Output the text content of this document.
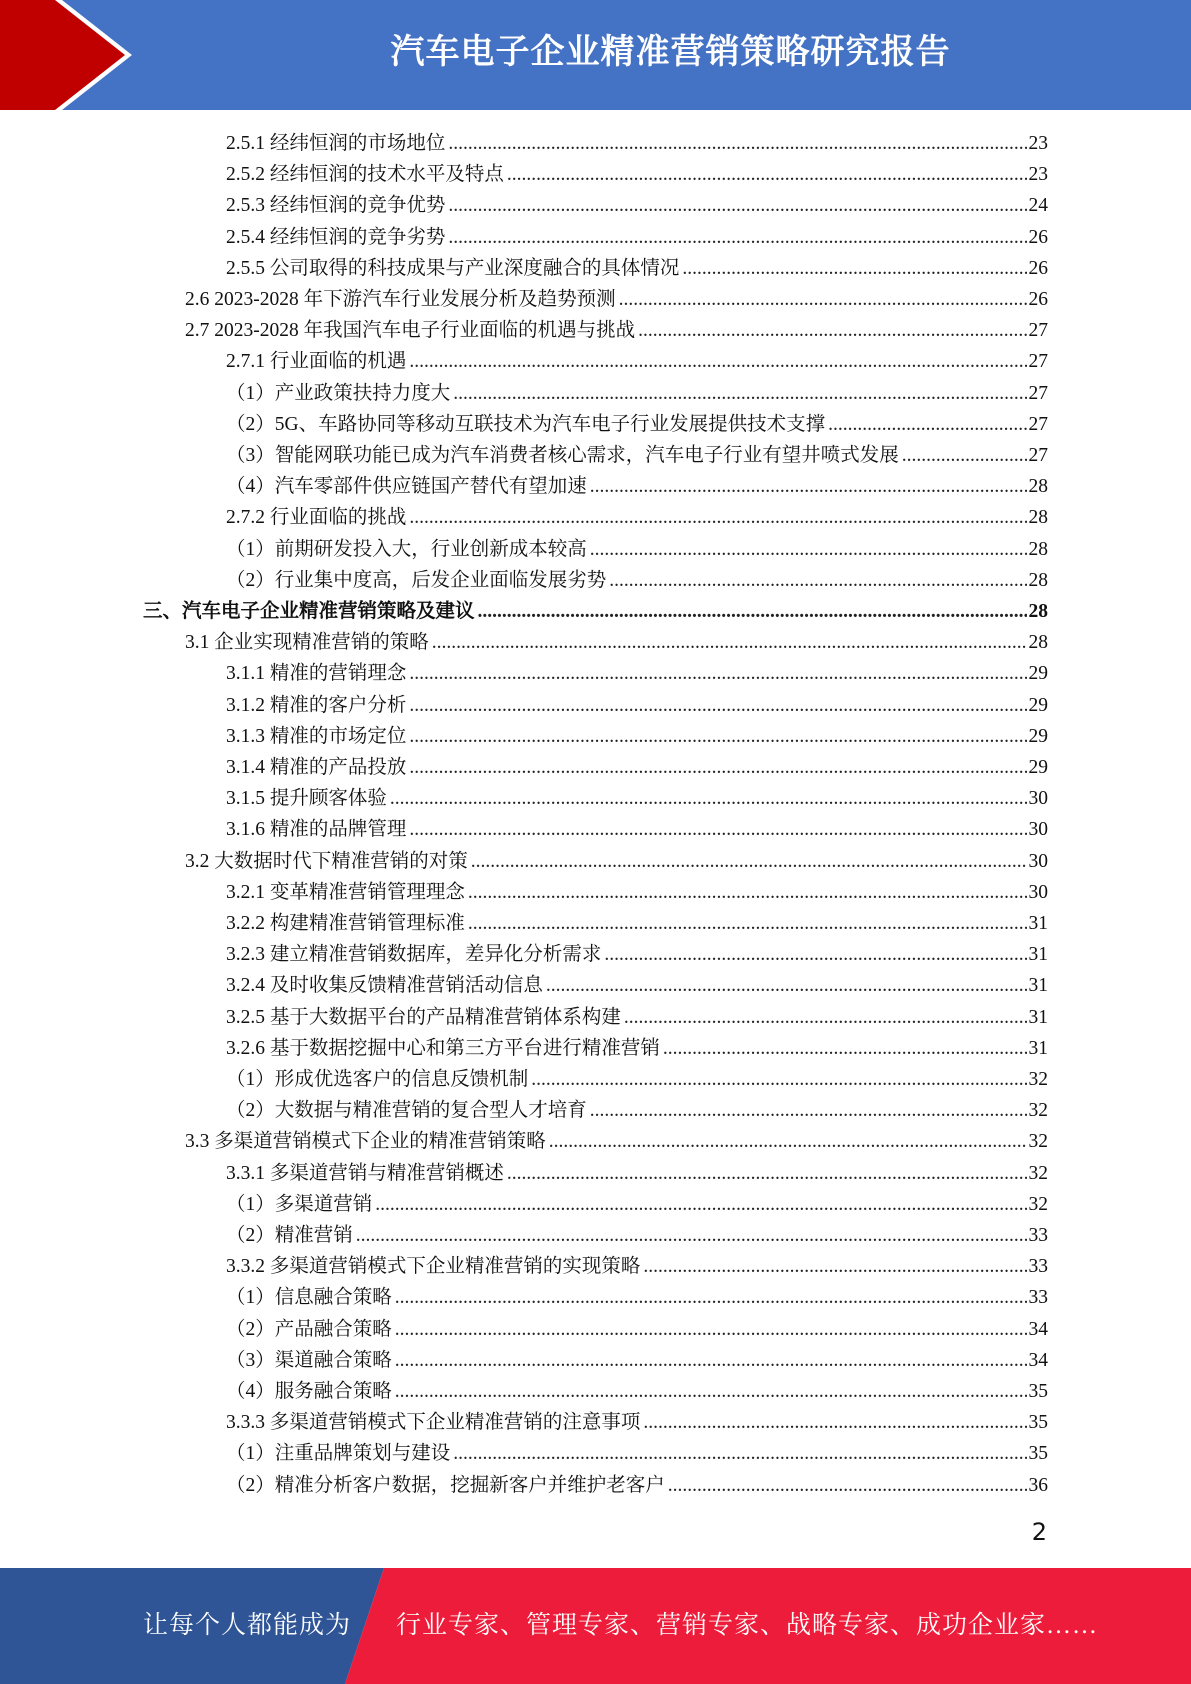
汽车电子企业精准营销策略研究报告
2.5.1 经纬恒润的市场地位 .....	23
2.5.2 经纬恒润的技术水平及特点 .....	23
2.5.3 经纬恒润的竞争优势 .....	24
2.5.4 经纬恒润的竞争劣势 .....	26
2.5.5 公司取得的科技成果与产业深度融合的具体情况 .....	26
2.6 2023-2028 年下游汽车行业发展分析及趋势预测 .....	26
2.7 2023-2028 年我国汽车电子行业面临的机遇与挑战 .....	27
2.7.1 行业面临的机遇 .....	27
（1）产业政策扶持力度大 .....	27
（2）5G、车路协同等移动互联技术为汽车电子行业发展提供技术支撑 .....	27
（3）智能网联功能已成为汽车消费者核心需求，汽车电子行业有望井喷式发展 .....	27
（4）汽车零部件供应链国产替代有望加速 .....	28
2.7.2 行业面临的挑战 .....	28
（1）前期研发投入大，行业创新成本较高 .....	28
（2）行业集中度高，后发企业面临发展劣势 .....	28
三、汽车电子企业精准营销策略及建议 .....	28
3.1 企业实现精准营销的策略 .....	28
3.1.1 精准的营销理念 .....	29
3.1.2 精准的客户分析 .....	29
3.1.3 精准的市场定位 .....	29
3.1.4 精准的产品投放 .....	29
3.1.5 提升顾客体验 .....	30
3.1.6 精准的品牌管理 .....	30
3.2 大数据时代下精准营销的对策 .....	30
3.2.1 变革精准营销管理理念 .....	30
3.2.2 构建精准营销管理标准 .....	31
3.2.3 建立精准营销数据库，差异化分析需求 .....	31
3.2.4 及时收集反馈精准营销活动信息 .....	31
3.2.5 基于大数据平台的产品精准营销体系构建 .....	31
3.2.6 基于数据挖掘中心和第三方平台进行精准营销 .....	31
（1）形成优选客户的信息反馈机制 .....	32
（2）大数据与精准营销的复合型人才培育 .....	32
3.3 多渠道营销模式下企业的精准营销策略 .....	32
3.3.1 多渠道营销与精准营销概述 .....	32
（1）多渠道营销 .....	32
（2）精准营销 .....	33
3.3.2 多渠道营销模式下企业精准营销的实现策略 .....	33
（1）信息融合策略 .....	33
（2）产品融合策略 .....	34
（3）渠道融合策略 .....	34
（4）服务融合策略 .....	35
3.3.3 多渠道营销模式下企业精准营销的注意事项 .....	35
（1）注重品牌策划与建设 .....	35
（2）精准分析客户数据，挖掘新客户并维护老客户 .....	36
2
让每个人都能成为 行业专家、管理专家、营销专家、战略专家、成功企业家……
